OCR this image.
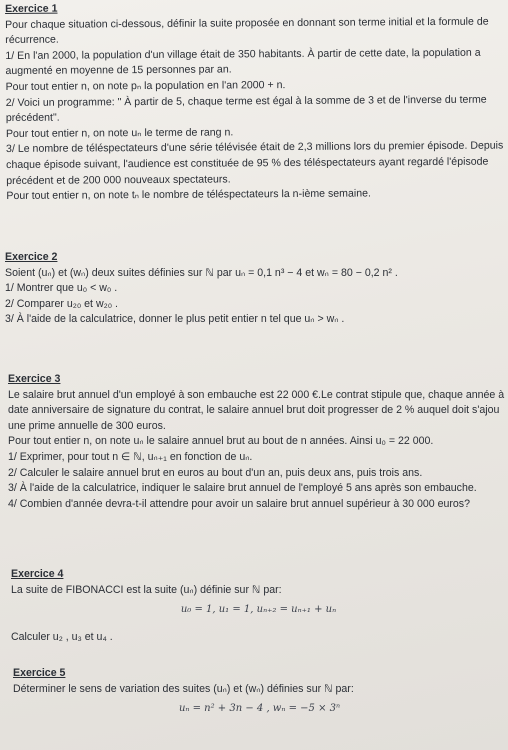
Exercice 1
Pour chaque situation ci-dessous, définir la suite proposée en donnant son terme initial et la formule de
récurrence.
1/ En l'an 2000, la population d'un village était de 350 habitants. À partir de cette date, la population a
augmenté en moyenne de 15 personnes par an.
Pour tout entier n, on note pₙ la population en l'an 2000 + n.
2/ Voici un programme: " À partir de 5, chaque terme est égal à la somme de 3 et de l'inverse du terme
précédent".
Pour tout entier n, on note uₙ le terme de rang n.
3/ Le nombre de téléspectateurs d'une série télévisée était de 2,3 millions lors du premier épisode. Depuis
chaque épisode suivant, l'audience est constituée de 95 % des téléspectateurs ayant regardé l'épisode
précédent et de 200 000 nouveaux spectateurs.
Pour tout entier n, on note tₙ le nombre de téléspectateurs la n-ième semaine.
Exercice 2
Soient (uₙ) et (wₙ) deux suites définies sur ℕ par uₙ = 0,1 n³ − 4 et wₙ = 80 − 0,2 n² .
1/ Montrer que u₀ < w₀ .
2/ Comparer u₂₀ et w₂₀ .
3/ À l'aide de la calculatrice, donner le plus petit entier n tel que uₙ > wₙ .
Exercice 3
Le salaire brut annuel d'un employé à son embauche est 22 000 €.Le contrat stipule que, chaque année à
date anniversaire de signature du contrat, le salaire annuel brut doit progresser de 2 % auquel doit s'ajou
une prime annuelle de 300 euros.
Pour tout entier n, on note uₙ le salaire annuel brut au bout de n années. Ainsi u₀ = 22 000.
1/ Exprimer, pour tout n ∈ ℕ, uₙ₊₁ en fonction de uₙ.
2/ Calculer le salaire annuel brut en euros au bout d'un an, puis deux ans, puis trois ans.
3/ À l'aide de la calculatrice, indiquer le salaire brut annuel de l'employé 5 ans après son embauche.
4/ Combien d'année devra-t-il attendre pour avoir un salaire brut annuel supérieur à 30 000 euros?
Exercice 4
La suite de FIBONACCI est la suite (uₙ) définie sur ℕ par:
u₀ = 1, u₁ = 1, uₙ₊₂ = uₙ₊₁ + uₙ
Calculer u₂ , u₃ et u₄ .
Exercice 5
Déterminer le sens de variation des suites (uₙ) et (wₙ) définies sur ℕ par:
uₙ = n² + 3n − 4 , wₙ = −5 × 3ⁿ
